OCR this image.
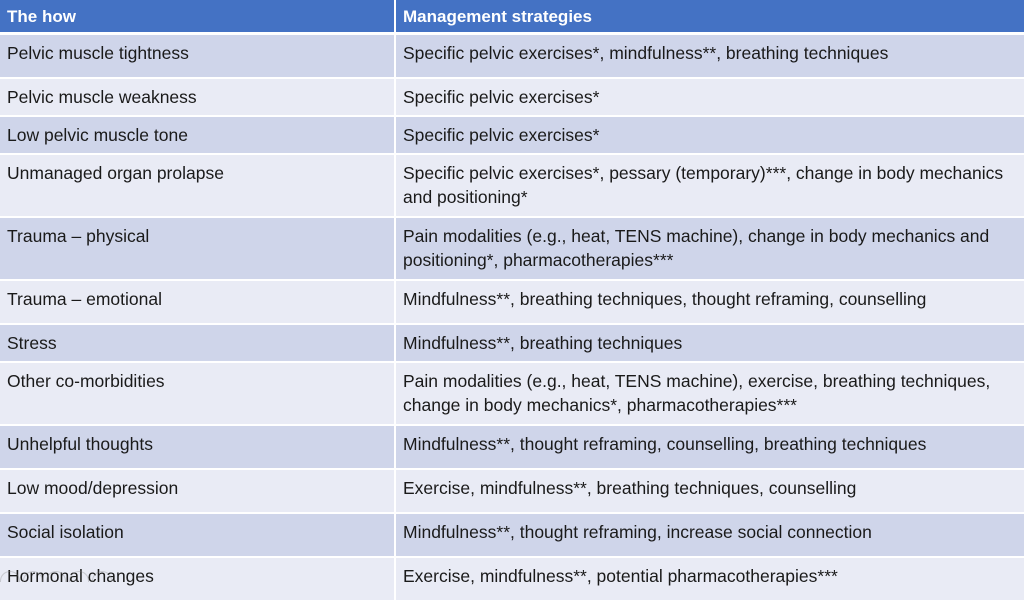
The how	Management strategies
Pelvic muscle tightness	Specific pelvic exercises*, mindfulness**, breathing techniques
Pelvic muscle weakness	Specific pelvic exercises*
Low pelvic muscle tone	Specific pelvic exercises*
Unmanaged organ prolapse	Specific pelvic exercises*, pessary (temporary)***, change in body mechanics and positioning*
Trauma – physical	Pain modalities (e.g., heat, TENS machine), change in body mechanics and positioning*, pharmacotherapies***
Trauma – emotional	Mindfulness**, breathing techniques, thought reframing, counselling
Stress	Mindfulness**, breathing techniques
Other co-morbidities	Pain modalities (e.g., heat, TENS machine), exercise, breathing techniques, change in body mechanics*, pharmacotherapies***
Unhelpful thoughts	Mindfulness**, thought reframing, counselling, breathing techniques
Low mood/depression	Exercise, mindfulness**, breathing techniques, counselling
Social isolation	Mindfulness**, thought reframing, increase social connection
Hormonal changes	Exercise, mindfulness**, potential pharmacotherapies***
